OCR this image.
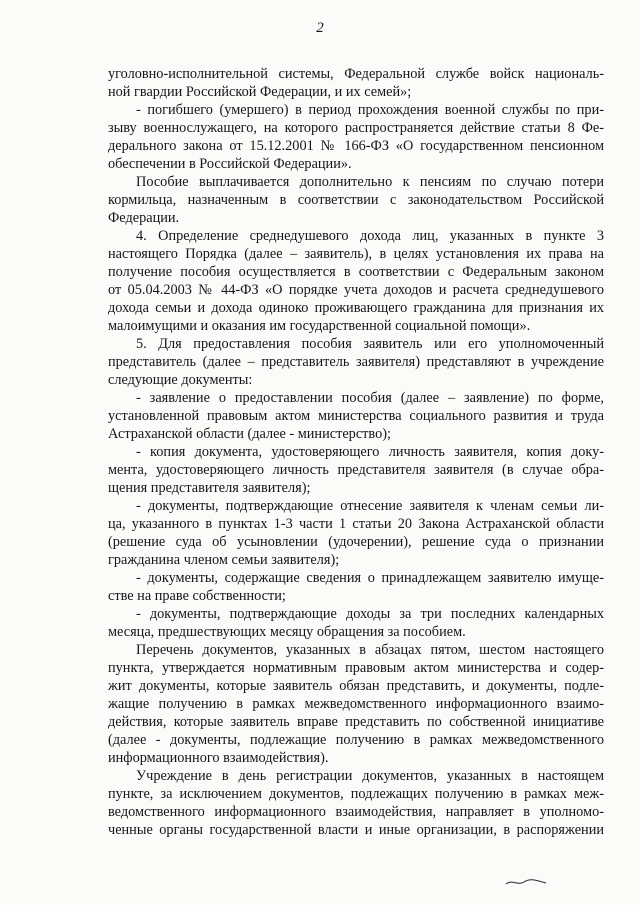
2

уголовно-исполнительной системы, Федеральной службе войск националь-
ной гвардии Российской Федерации, и их семей»;

- погибшего (умершего) в период прохождения военной службы по при-
зыву военнослужащего, на которого распространяется действие статьи 8 Фе-
дерального закона от 15.12.2001 № 166-ФЗ «О государственном пенсионном
обеспечении в Российской Федерации».

Пособие выплачивается дополнительно к пенсиям по случаю потери
кормильца, назначенным в соответствии с законодательством Российской
Федерации.

4. Определение среднедушевого дохода лиц, указанных в пункте 3
настоящего Порядка (далее – заявитель), в целях установления их права на
получение пособия осуществляется в соответствии с Федеральным законом
от 05.04.2003 № 44-ФЗ «О порядке учета доходов и расчета среднедушевого
дохода семьи и дохода одиноко проживающего гражданина для признания их
малоимущими и оказания им государственной социальной помощи».

5. Для предоставления пособия заявитель или его уполномоченный
представитель (далее – представитель заявителя) представляют в учреждение
следующие документы:

- заявление о предоставлении пособия (далее – заявление) по форме,
установленной правовым актом министерства социального развития и труда
Астраханской области (далее - министерство);

- копия документа, удостоверяющего личность заявителя, копия доку-
мента, удостоверяющего личность представителя заявителя (в случае обра-
щения представителя заявителя);

- документы, подтверждающие отнесение заявителя к членам семьи ли-
ца, указанного в пунктах 1-3 части 1 статьи 20 Закона Астраханской области
(решение суда об усыновлении (удочерении), решение суда о признании
гражданина членом семьи заявителя);

- документы, содержащие сведения о принадлежащем заявителю имуще-
стве на праве собственности;

- документы, подтверждающие доходы за три последних календарных
месяца, предшествующих месяцу обращения за пособием.

Перечень документов, указанных в абзацах пятом, шестом настоящего
пункта, утверждается нормативным правовым актом министерства и содер-
жит документы, которые заявитель обязан представить, и документы, подле-
жащие получению в рамках межведомственного информационного взаимо-
действия, которые заявитель вправе представить по собственной инициативе
(далее - документы, подлежащие получению в рамках межведомственного
информационного взаимодействия).

Учреждение в день регистрации документов, указанных в настоящем
пункте, за исключением документов, подлежащих получению в рамках меж-
ведомственного информационного взаимодействия, направляет в уполномо-
ченные органы государственной власти и иные организации, в распоряжении
